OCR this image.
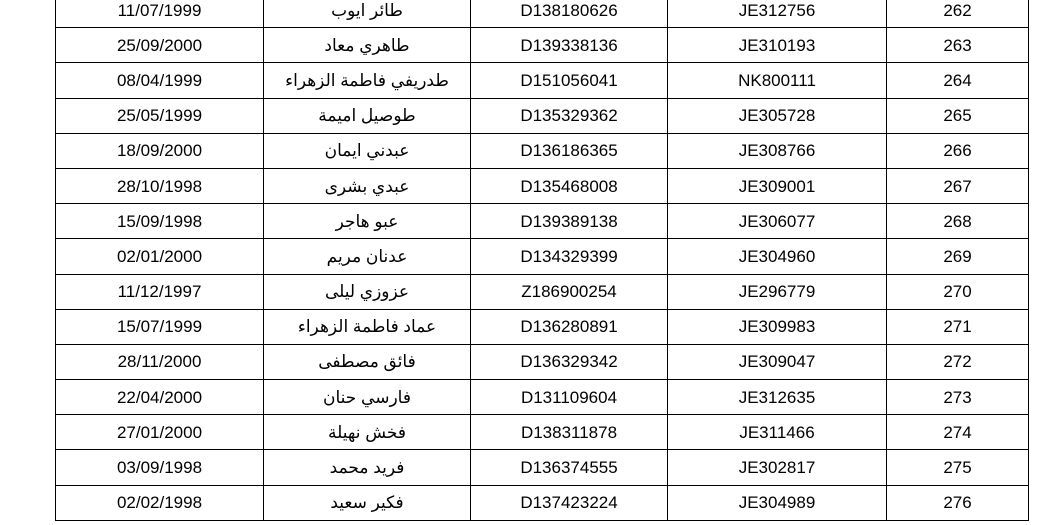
11/07/1999	طائر ايوب	D138180626	JE312756	262
25/09/2000	طاهري معاد	D139338136	JE310193	263
08/04/1999	طدريفي فاطمة الزهراء	D151056041	NK800111	264
25/05/1999	طوصيل اميمة	D135329362	JE305728	265
18/09/2000	عبدني ايمان	D136186365	JE308766	266
28/10/1998	عبدي بشرى	D135468008	JE309001	267
15/09/1998	عبو هاجر	D139389138	JE306077	268
02/01/2000	عدنان مريم	D134329399	JE304960	269
11/12/1997	عزوزي ليلى	Z186900254	JE296779	270
15/07/1999	عماد فاطمة الزهراء	D136280891	JE309983	271
28/11/2000	فائق مصطفى	D136329342	JE309047	272
22/04/2000	فارسي حنان	D131109604	JE312635	273
27/01/2000	فخش نهيلة	D138311878	JE311466	274
03/09/1998	فريد محمد	D136374555	JE302817	275
02/02/1998	فكير سعيد	D137423224	JE304989	276
